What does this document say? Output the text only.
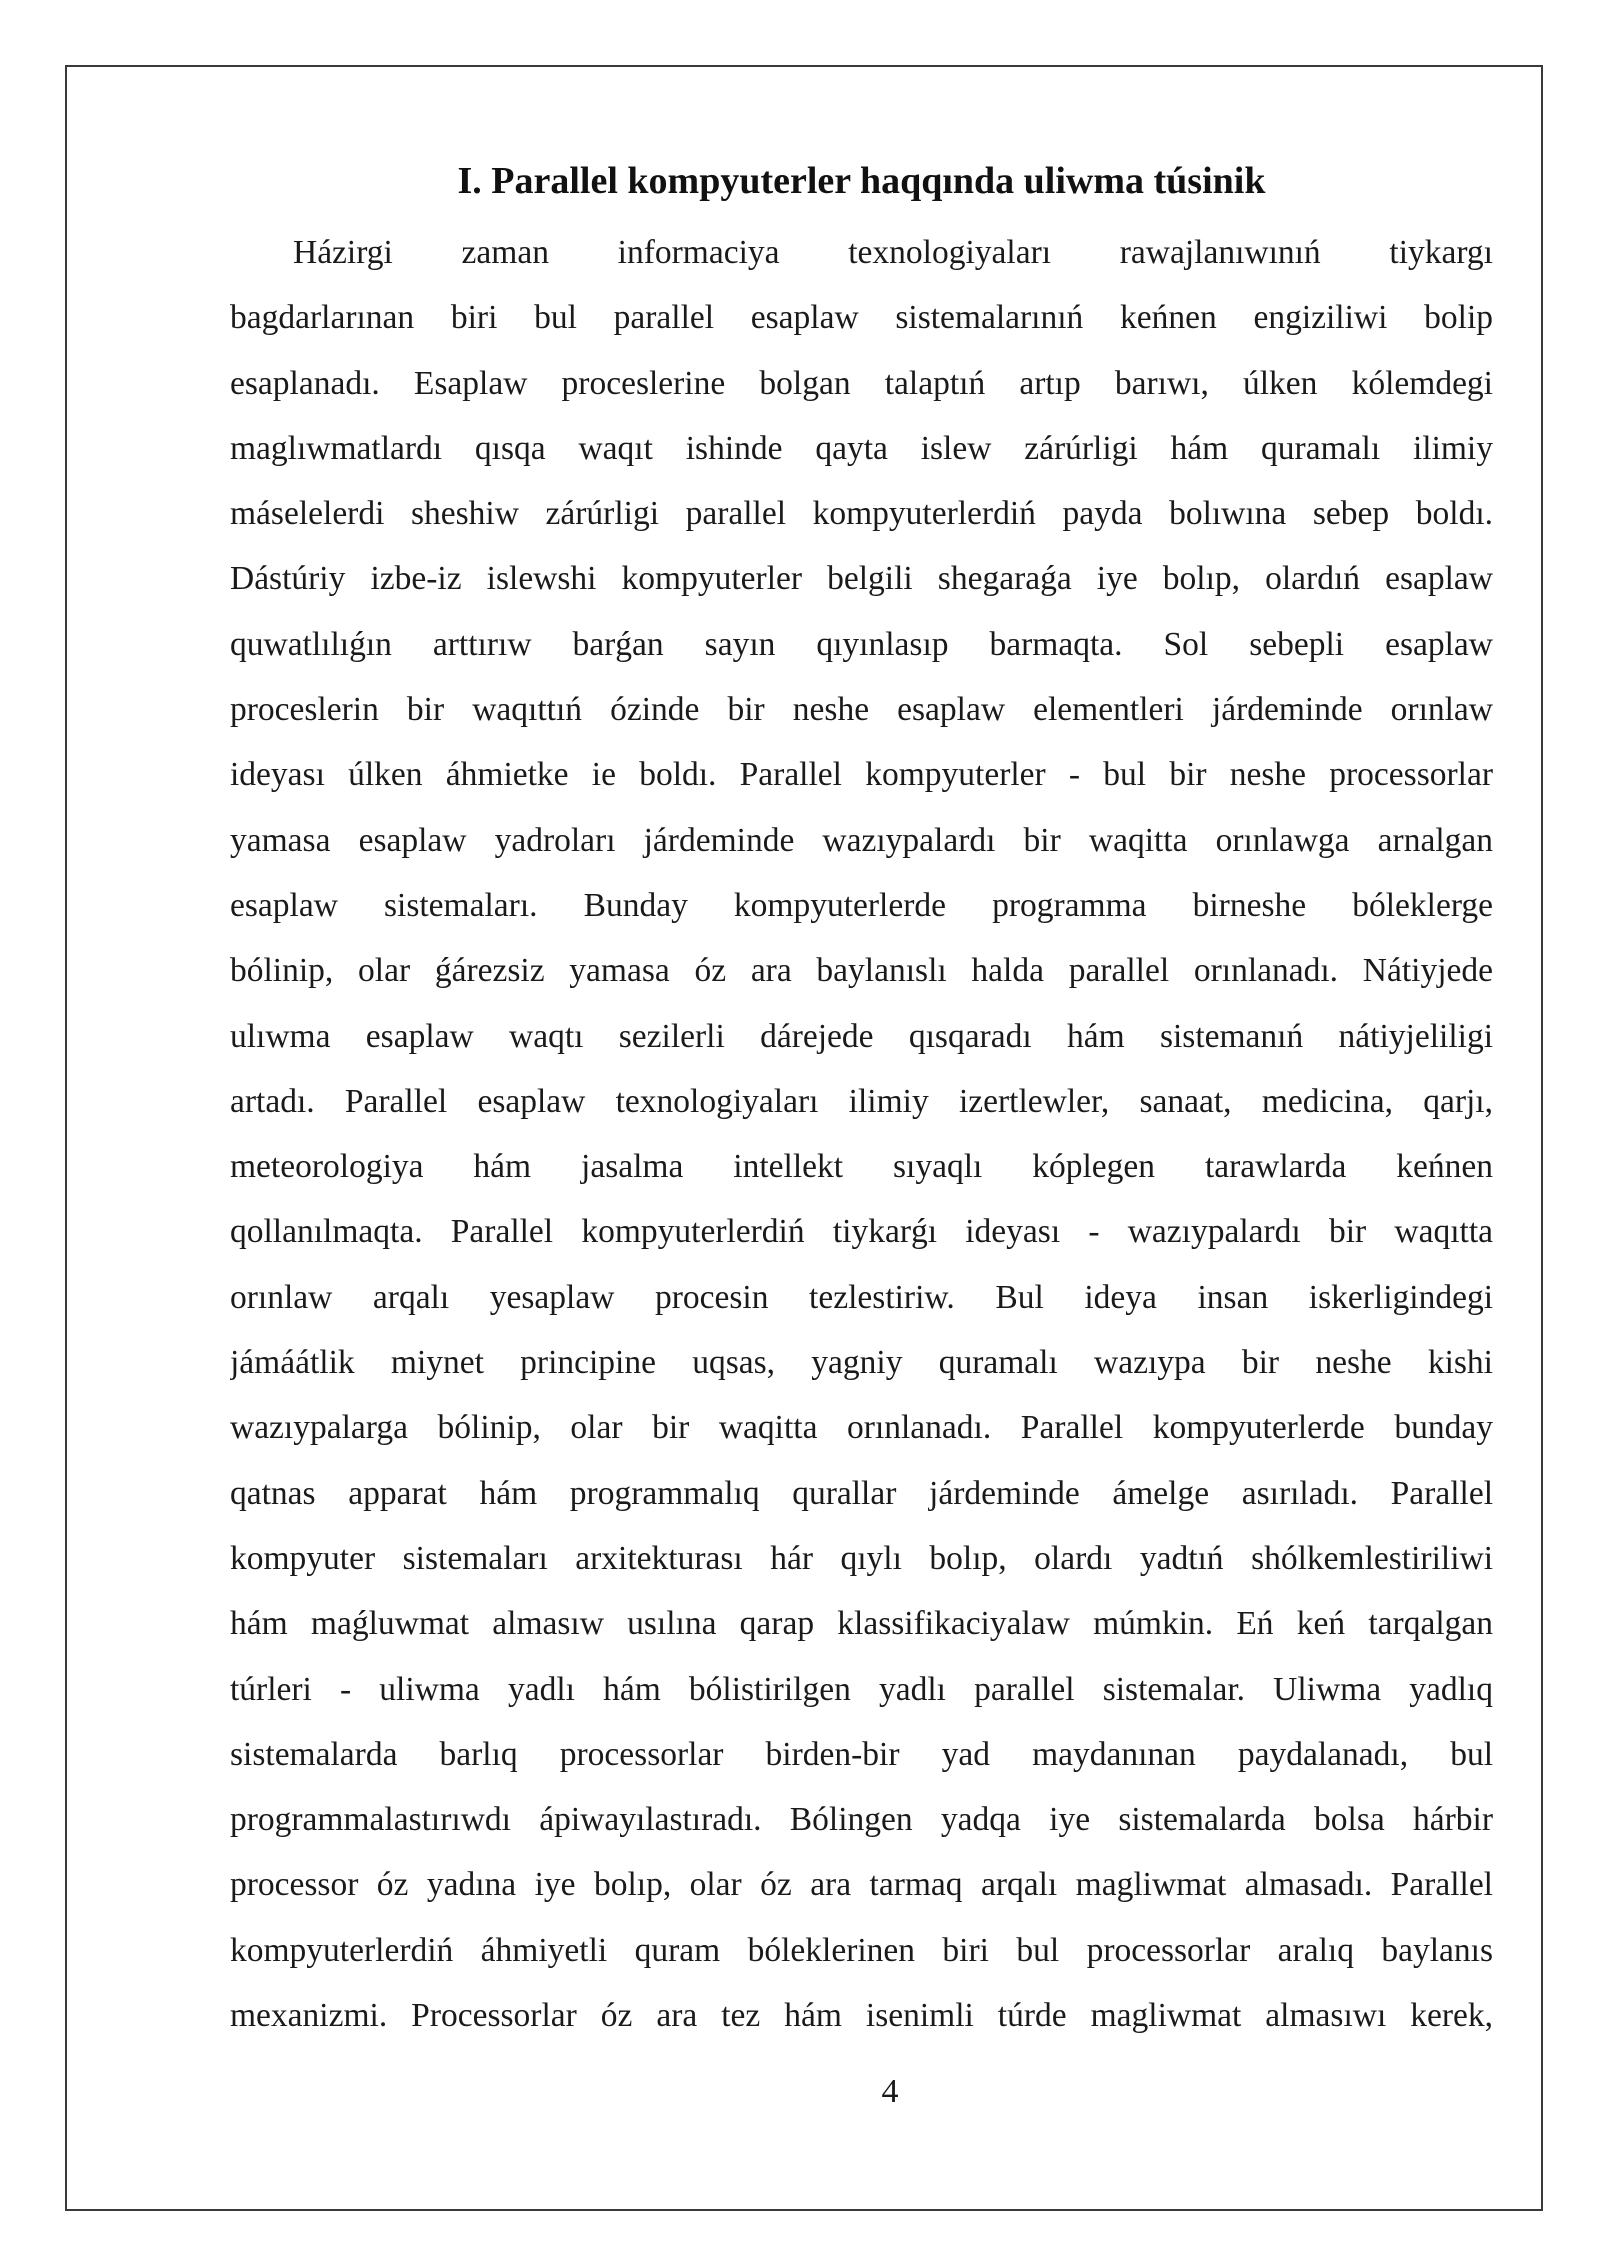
I. Parallel kompyuterler haqqında uliwma túsinik
Házirgi zaman informaciya texnologiyaları rawajlanıwınıń tiykargı
bagdarlarınan biri bul parallel esaplaw sistemalarınıń keńnen engiziliwi bolip
esaplanadı. Esaplaw proceslerine bolgan talaptıń artıp barıwı, úlken kólemdegi
maglıwmatlardı qısqa waqıt ishinde qayta islew zárúrligi hám quramalı ilimiy
máselelerdi sheshiw zárúrligi parallel kompyuterlerdiń payda bolıwına sebep boldı.
Dástúriy izbe-iz islewshi kompyuterler belgili shegaraǵa iye bolıp, olardıń esaplaw
quwatlılıǵın arttırıw barǵan sayın qıyınlasıp barmaqta. Sol sebepli esaplaw
proceslerin bir waqıttıń ózinde bir neshe esaplaw elementleri járdeminde orınlaw
ideyası úlken áhmietke ie boldı. Parallel kompyuterler - bul bir neshe processorlar
yamasa esaplaw yadroları járdeminde wazıypalardı bir waqitta orınlawga arnalgan
esaplaw sistemaları. Bunday kompyuterlerde programma birneshe bóleklerge
bólinip, olar ǵárezsiz yamasa óz ara baylanıslı halda parallel orınlanadı. Nátiyjede
ulıwma esaplaw waqtı sezilerli dárejede qısqaradı hám sistemanıń nátiyjeliligi
artadı. Parallel esaplaw texnologiyaları ilimiy izertlewler, sanaat, medicina, qarjı,
meteorologiya hám jasalma intellekt sıyaqlı kóplegen tarawlarda keńnen
qollanılmaqta. Parallel kompyuterlerdiń tiykarǵı ideyası - wazıypalardı bir waqıtta
orınlaw arqalı yesaplaw procesin tezlestiriw. Bul ideya insan iskerligindegi
jámáátlik miynet principine uqsas, yagniy quramalı wazıypa bir neshe kishi
wazıypalarga bólinip, olar bir waqitta orınlanadı. Parallel kompyuterlerde bunday
qatnas apparat hám programmalıq qurallar járdeminde ámelge asırıladı. Parallel
kompyuter sistemaları arxitekturası hár qıylı bolıp, olardı yadtıń shólkemlestiriliwi
hám maǵluwmat almasıw usılına qarap klassifikaciyalaw múmkin. Eń keń tarqalgan
túrleri - uliwma yadlı hám bólistirilgen yadlı parallel sistemalar. Uliwma yadlıq
sistemalarda barlıq processorlar birden-bir yad maydanınan paydalanadı, bul
programmalastırıwdı ápiwayılastıradı. Bólingen yadqa iye sistemalarda bolsa hárbir
processor óz yadına iye bolıp, olar óz ara tarmaq arqalı magliwmat almasadı. Parallel
kompyuterlerdiń áhmiyetli quram bóleklerinen biri bul processorlar aralıq baylanıs
mexanizmi. Processorlar óz ara tez hám isenimli túrde magliwmat almasıwı kerek,

4
